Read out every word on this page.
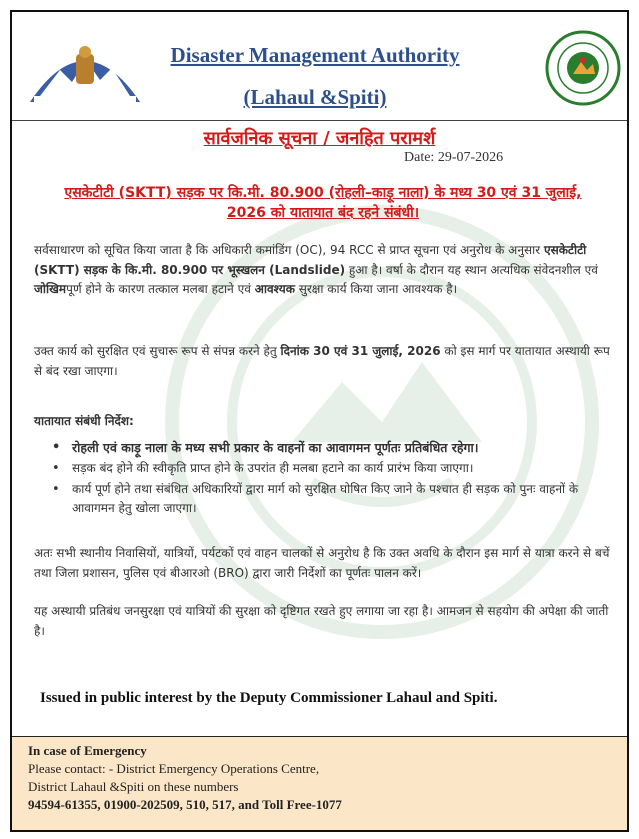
Disaster Management Authority
(Lahaul &Spiti)
सार्वजनिक सूचना / जनहित परामर्श
Date: 29-07-2026
एसकेटीटी (SKTT) सड़क पर कि.मी. 80.900 (रोहली–काड़ू नाला) के मध्य 30 एवं 31 जुलाई,
2026 को यातायात बंद रहने संबंधी।

सर्वसाधारण को सूचित किया जाता है कि अधिकारी कमांडिंग (OC), 94 RCC से प्राप्त सूचना एवं अनुरोध के अनुसार एसकेटीटी (SKTT) सड़क के कि.मी. 80.900 पर भूस्खलन (Landslide) हुआ है। वर्षा के दौरान यह स्थान अत्यधिक संवेदनशील एवं जोखिमपूर्ण होने के कारण तत्काल मलबा हटाने एवं आवश्यक सुरक्षा कार्य किया जाना आवश्यक है।

उक्त कार्य को सुरक्षित एवं सुचारू रूप से संपन्न करने हेतु दिनांक 30 एवं 31 जुलाई, 2026 को इस मार्ग पर यातायात अस्थायी रूप से बंद रखा जाएगा।

यातायात संबंधी निर्देश:
• रोहली एवं काड़ू नाला के मध्य सभी प्रकार के वाहनों का आवागमन पूर्णतः प्रतिबंधित रहेगा।
• सड़क बंद होने की स्वीकृति प्राप्त होने के उपरांत ही मलबा हटाने का कार्य प्रारंभ किया जाएगा।
• कार्य पूर्ण होने तथा संबंधित अधिकारियों द्वारा मार्ग को सुरक्षित घोषित किए जाने के पश्चात ही सड़क को पुनः वाहनों के आवागमन हेतु खोला जाएगा।

अतः सभी स्थानीय निवासियों, यात्रियों, पर्यटकों एवं वाहन चालकों से अनुरोध है कि उक्त अवधि के दौरान इस मार्ग से यात्रा करने से बचें तथा जिला प्रशासन, पुलिस एवं बीआरओ (BRO) द्वारा जारी निर्देशों का पूर्णतः पालन करें।

यह अस्थायी प्रतिबंध जनसुरक्षा एवं यात्रियों की सुरक्षा को दृष्टिगत रखते हुए लगाया जा रहा है। आमजन से सहयोग की अपेक्षा की जाती है।

Issued in public interest by the Deputy Commissioner Lahaul and Spiti.
In case of Emergency
Please contact: - District Emergency Operations Centre,
District Lahaul &Spiti on these numbers
94594-61355, 01900-202509, 510, 517, and Toll Free-1077
